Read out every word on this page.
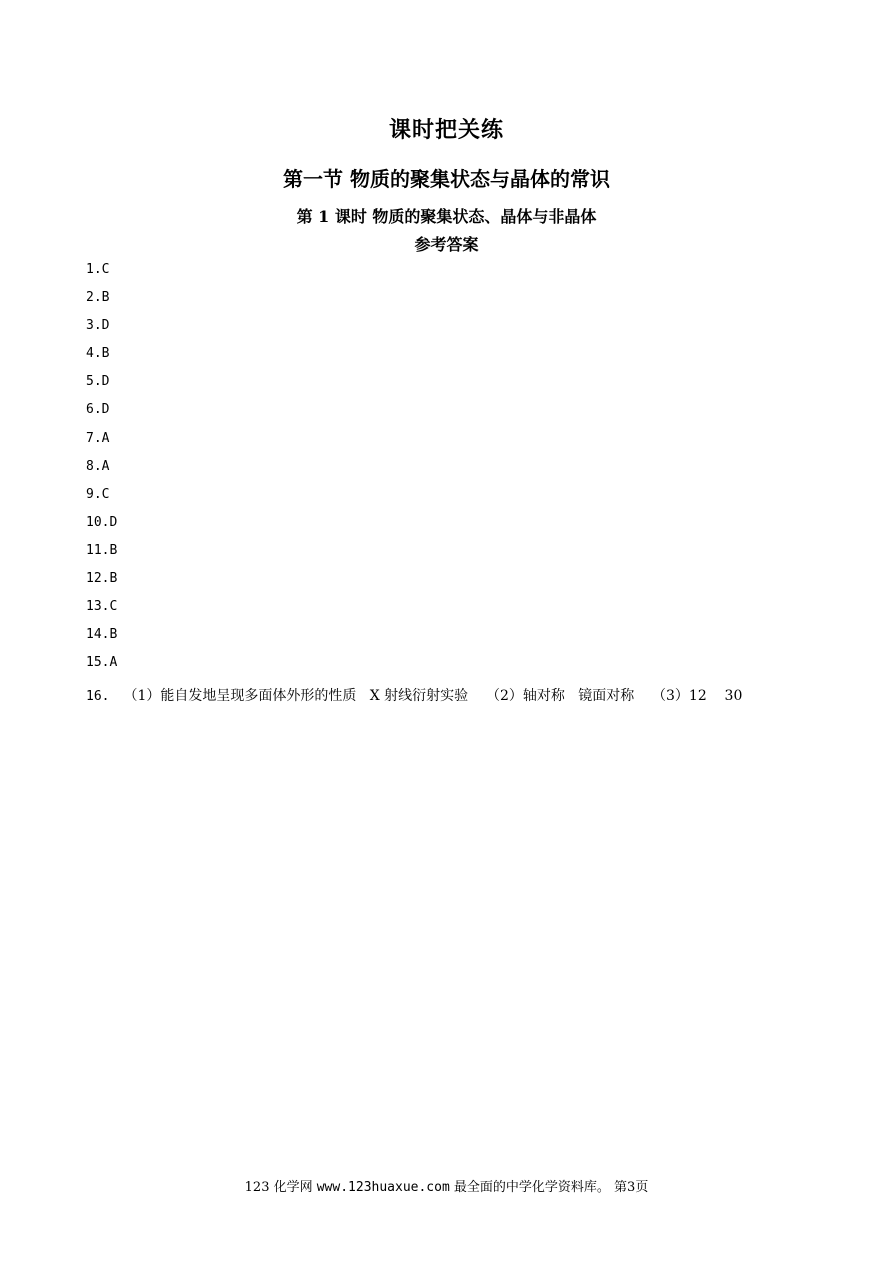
课时把关练
第一节 物质的聚集状态与晶体的常识
第 1 课时 物质的聚集状态、晶体与非晶体
参考答案
1.C
2.B
3.D
4.B
5.D
6.D
7.A
8.A
9.C
10.D
11.B
12.B
13.C
14.B
15.A
16. （1）能自发地呈现多面体外形的性质   X 射线衍射实验    （2）轴对称   镜面对称    （3）12    30
123 化学网 www.123huaxue.com 最全面的中学化学资料库。 第3页
